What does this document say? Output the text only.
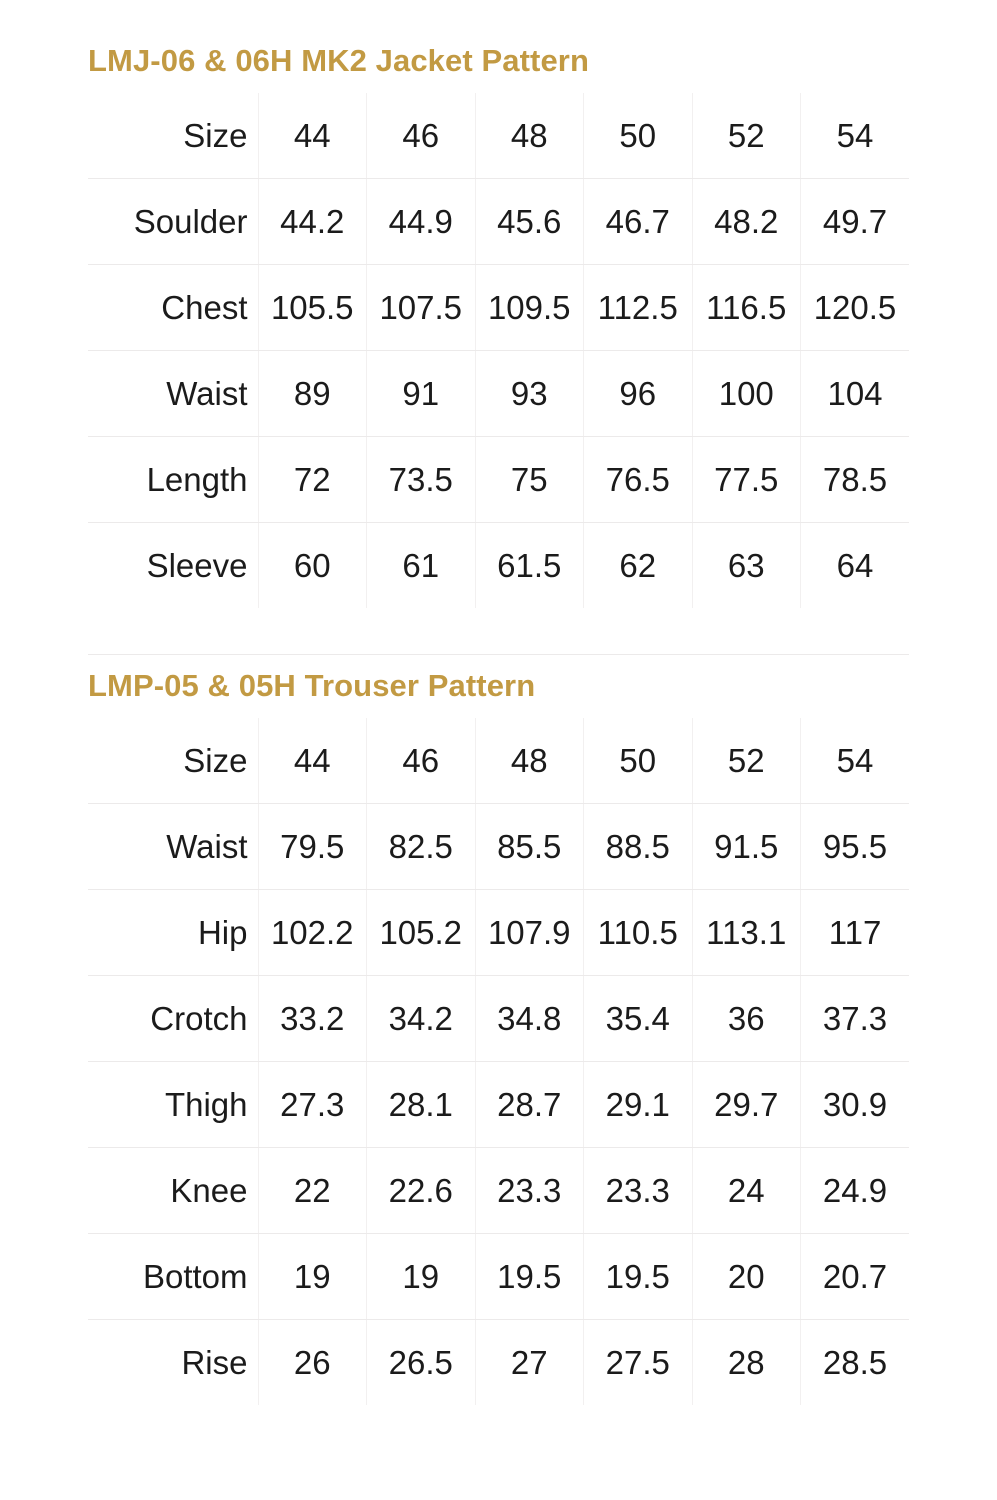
LMJ-06 & 06H MK2 Jacket Pattern
Size	44	46	48	50	52	54
Soulder	44.2	44.9	45.6	46.7	48.2	49.7
Chest	105.5	107.5	109.5	112.5	116.5	120.5
Waist	89	91	93	96	100	104
Length	72	73.5	75	76.5	77.5	78.5
Sleeve	60	61	61.5	62	63	64
LMP-05 & 05H Trouser Pattern
Size	44	46	48	50	52	54
Waist	79.5	82.5	85.5	88.5	91.5	95.5
Hip	102.2	105.2	107.9	110.5	113.1	117
Crotch	33.2	34.2	34.8	35.4	36	37.3
Thigh	27.3	28.1	28.7	29.1	29.7	30.9
Knee	22	22.6	23.3	23.3	24	24.9
Bottom	19	19	19.5	19.5	20	20.7
Rise	26	26.5	27	27.5	28	28.5
